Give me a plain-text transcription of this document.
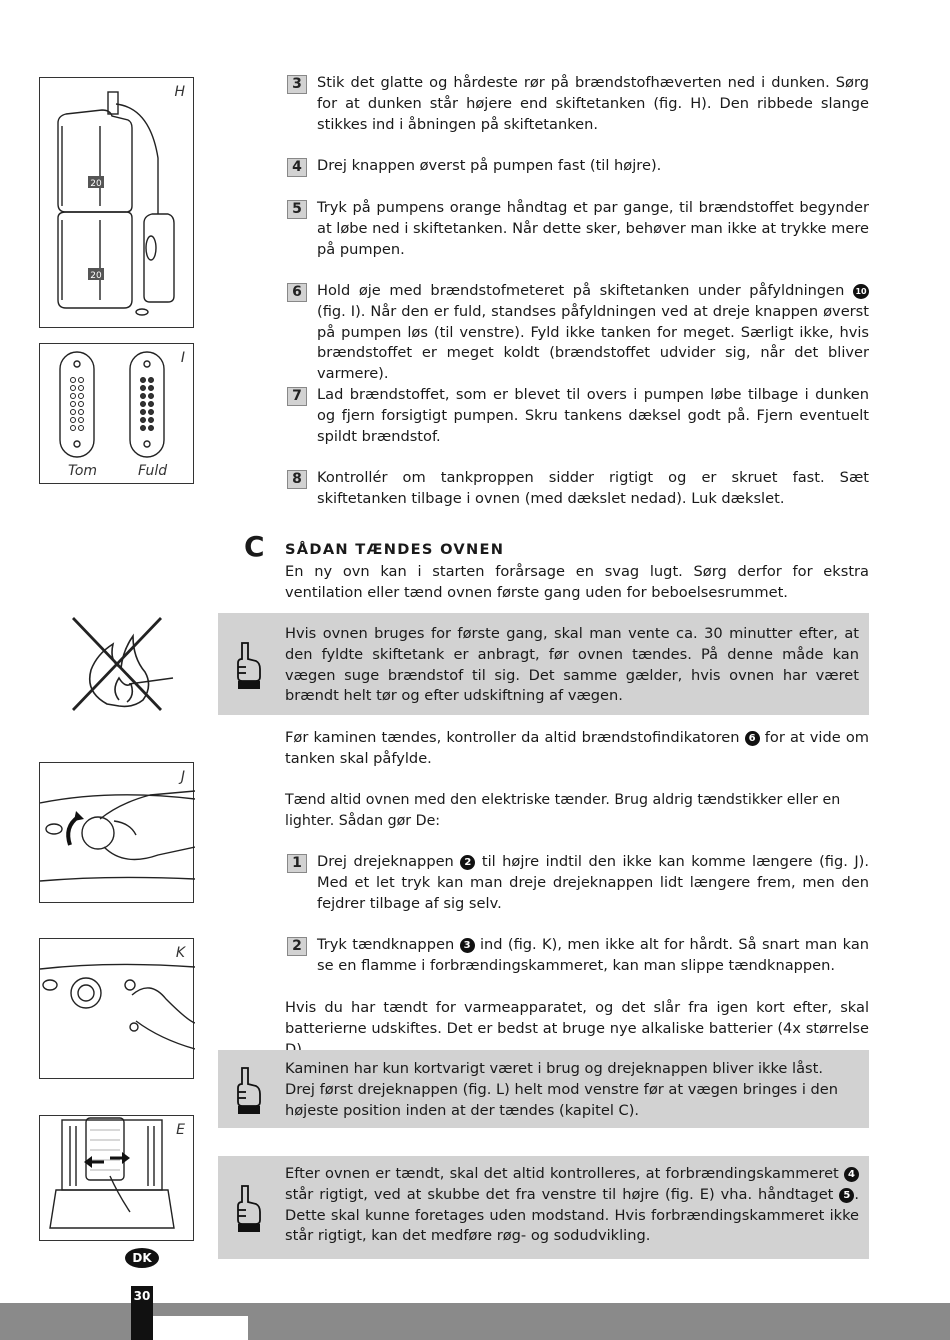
H
20
20
I
Tom	Fuld
J
K
E
3	Stik det glatte og hårdeste rør på brændstofhæverten ned i dunken. Sørg for at dunken står højere end skiftetanken (fig. H). Den ribbede slange stikkes ind i åbningen på skiftetanken.
4	Drej knappen øverst på pumpen fast (til højre).
5	Tryk på pumpens orange håndtag et par gange, til brændstoffet begynder at løbe ned i skiftetanken. Når dette sker, behøver man ikke at trykke mere på pumpen.
6	Hold øje med brændstofmeteret på skiftetanken under påfyldningen 10 (fig. I). Når den er fuld, standses påfyldningen ved at dreje knappen øverst på pumpen løs (til venstre). Fyld ikke tanken for meget. Særligt ikke, hvis brændstoffet er meget koldt (brændstoffet udvider sig, når det bliver varmere).
7	Lad brændstoffet, som er blevet til overs i pumpen løbe tilbage i dunken og fjern forsigtigt pumpen. Skru tankens dæksel godt på. Fjern eventuelt spildt brændstof.
8	Kontrollér om tankproppen sidder rigtigt og er skruet fast. Sæt skiftetanken tilbage i ovnen (med dækslet nedad). Luk dækslet.
C SÅDAN TÆNDES OVNEN
En ny ovn kan i starten forårsage en svag lugt. Sørg derfor for ekstra ventilation eller tænd ovnen første gang uden for beboelsesrummet.
Hvis ovnen bruges for første gang, skal man vente ca. 30 minutter efter, at den fyldte skiftetank er anbragt, før ovnen tændes. På denne måde kan vægen suge brændstof til sig. Det samme gælder, hvis ovnen har været brændt helt tør og efter udskiftning af vægen.
Før kaminen tændes, kontroller da altid brændstofindikatoren 6 for at vide om tanken skal påfylde.
Tænd altid ovnen med den elektriske tænder. Brug aldrig tændstikker eller en lighter. Sådan gør De:
1	Drej drejeknappen 2 til højre indtil den ikke kan komme længere (fig. J). Med et let tryk kan man dreje drejeknappen lidt længere frem, men den fejdrer tilbage af sig selv.
2	Tryk tændknappen 3 ind (fig. K), men ikke alt for hårdt. Så snart man kan se en flamme i forbrændingskammeret, kan man slippe tændknappen.
Hvis du har tændt for varmeapparatet, og det slår fra igen kort efter, skal batterierne udskiftes. Det er bedst at bruge nye alkaliske batterier (4x størrelse
Kaminen har kun kortvarigt været i brug og drejeknappen bliver ikke låst.
Drej først drejeknappen (fig. L) helt mod venstre før at vægen bringes i den højeste position inden at der tændes (kapitel C).
Efter ovnen er tændt, skal det altid kontrolleres, at forbrændingskammeret 4 står rigtigt, ved at skubbe det fra venstre til højre (fig. E) vha. håndtaget 5 . Dette skal kunne foretages uden modstand. Hvis forbrændingskammeret ikke står rigtigt, kan det medføre røg- og sodudvikling.
DK
30
